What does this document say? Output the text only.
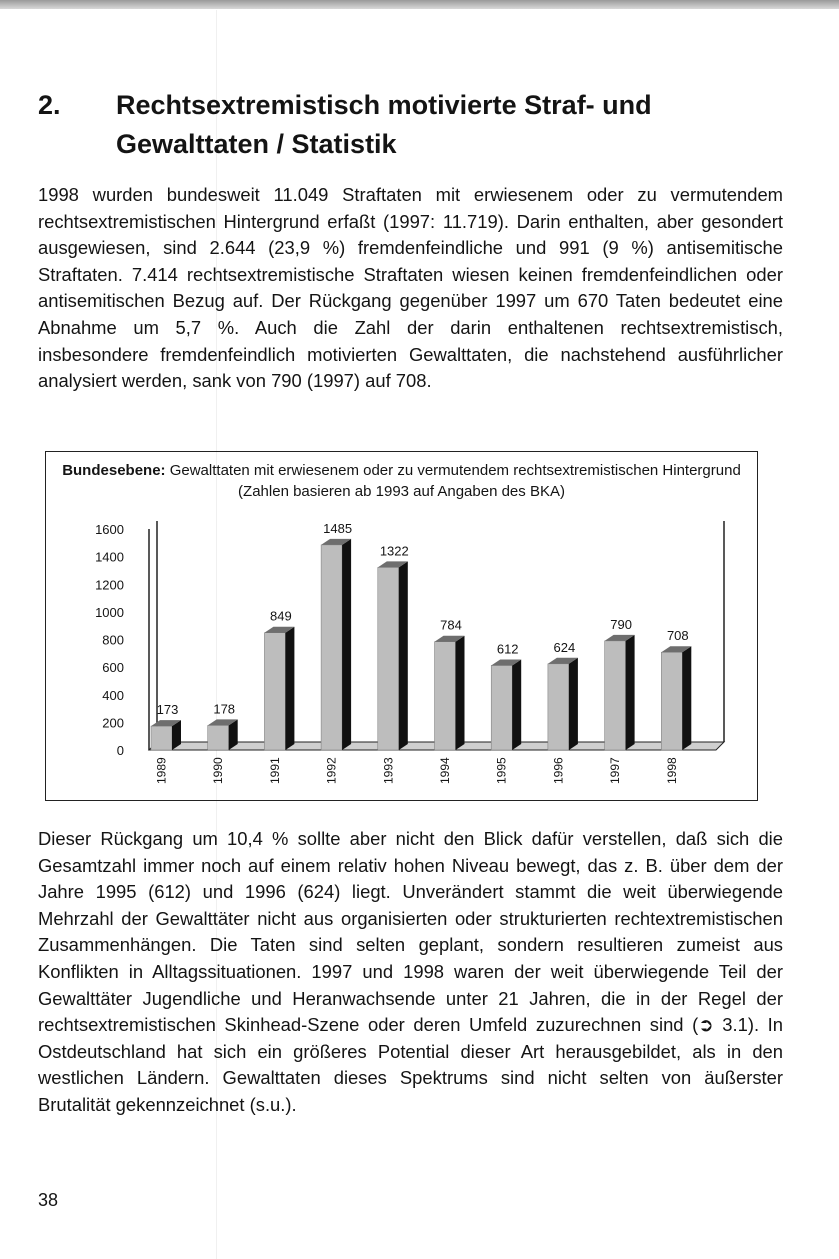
2. Rechtsextremistisch motivierte Straf- und Gewalttaten / Statistik
1998 wurden bundesweit 11.049 Straftaten mit erwiesenem oder zu vermutendem rechtsextremistischen Hintergrund erfaßt (1997: 11.719). Darin enthalten, aber gesondert ausgewiesen, sind 2.644 (23,9 %) fremdenfeindliche und 991 (9 %) antisemitische Straftaten. 7.414 rechtsextremistische Straftaten wiesen keinen fremdenfeindlichen oder antisemitischen Bezug auf. Der Rückgang gegenüber 1997 um 670 Taten bedeutet eine Abnahme um 5,7 %. Auch die Zahl der darin enthaltenen rechtsextremistisch, insbesondere fremdenfeindlich motivierten Gewalttaten, die nachstehend ausführlicher analysiert werden, sank von 790 (1997) auf 708.
Bundesebene: Gewalttaten mit erwiesenem oder zu vermutendem rechtsextremistischen Hintergrund (Zahlen basieren ab 1993 auf Angaben des BKA)
0
200
400
600
800
1000
1200
1400
1600
173
1989
178
1990
849
1991
1485
1992
1322
1993
784
1994
612
1995
624
1996
790
1997
708
1998
Dieser Rückgang um 10,4 % sollte aber nicht den Blick dafür verstellen, daß sich die Gesamtzahl immer noch auf einem relativ hohen Niveau bewegt, das z. B. über dem der Jahre 1995 (612) und 1996 (624) liegt. Unverändert stammt die weit überwiegende Mehrzahl der Gewalttäter nicht aus organisierten oder strukturierten rechtextremistischen Zusammenhängen. Die Taten sind selten geplant, sondern resultieren zumeist aus Konflikten in Alltagssituationen. 1997 und 1998 waren der weit überwiegende Teil der Gewalttäter Jugendliche und Heranwachsende unter 21 Jahren, die in der Regel der rechtsextremistischen Skinhead-Szene oder deren Umfeld zuzurechnen sind (➲ 3.1). In Ostdeutschland hat sich ein größeres Potential dieser Art herausgebildet, als in den westlichen Ländern. Gewalttaten dieses Spektrums sind nicht selten von äußerster Brutalität gekennzeichnet (s.u.).
38
